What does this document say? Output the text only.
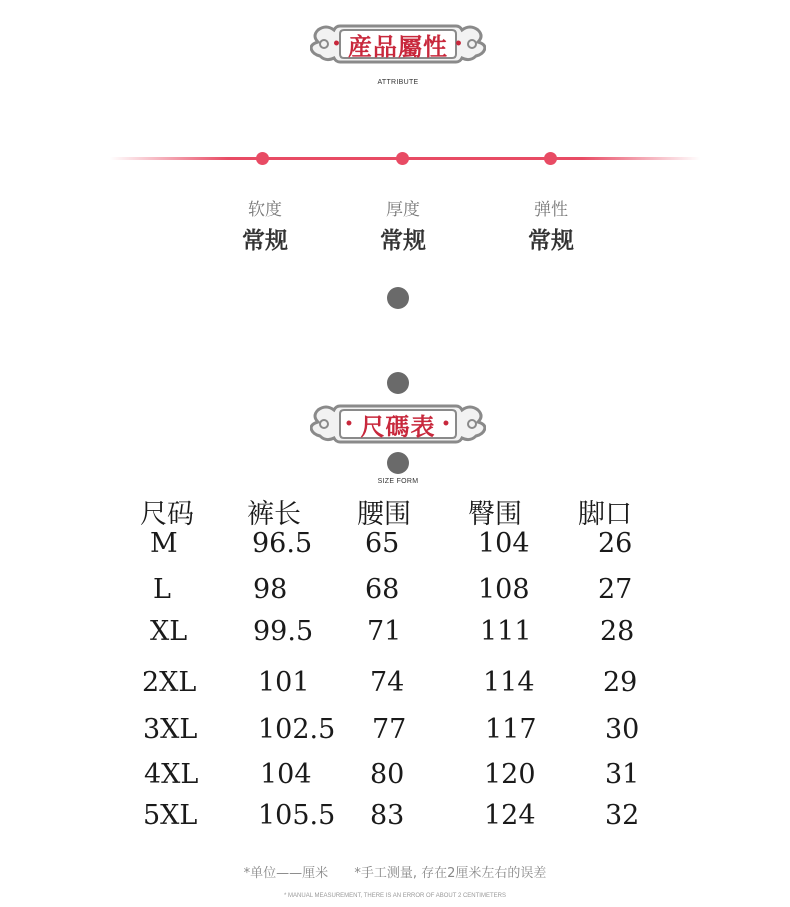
• 産品屬性 •
ATTRIBUTE
软度
常规
厚度
常规
弹性
常规
• 尺碼表 •
SIZE FORM
尺码 裤长 腰围 臀围 脚口
M	96.5 65	104	26
L	98	68	108	27
XL 99.5 71	111	28
2XL 101 74	114	29
3XL 102.5 77	117	30
4XL 104 80	120	31
5XL 105.5 83	124	32
*单位——厘米 *手工测量, 存在2厘米左右的误差
* MANUAL MEASUREMENT, THERE IS AN ERROR OF ABOUT 2 CENTIMETERS
